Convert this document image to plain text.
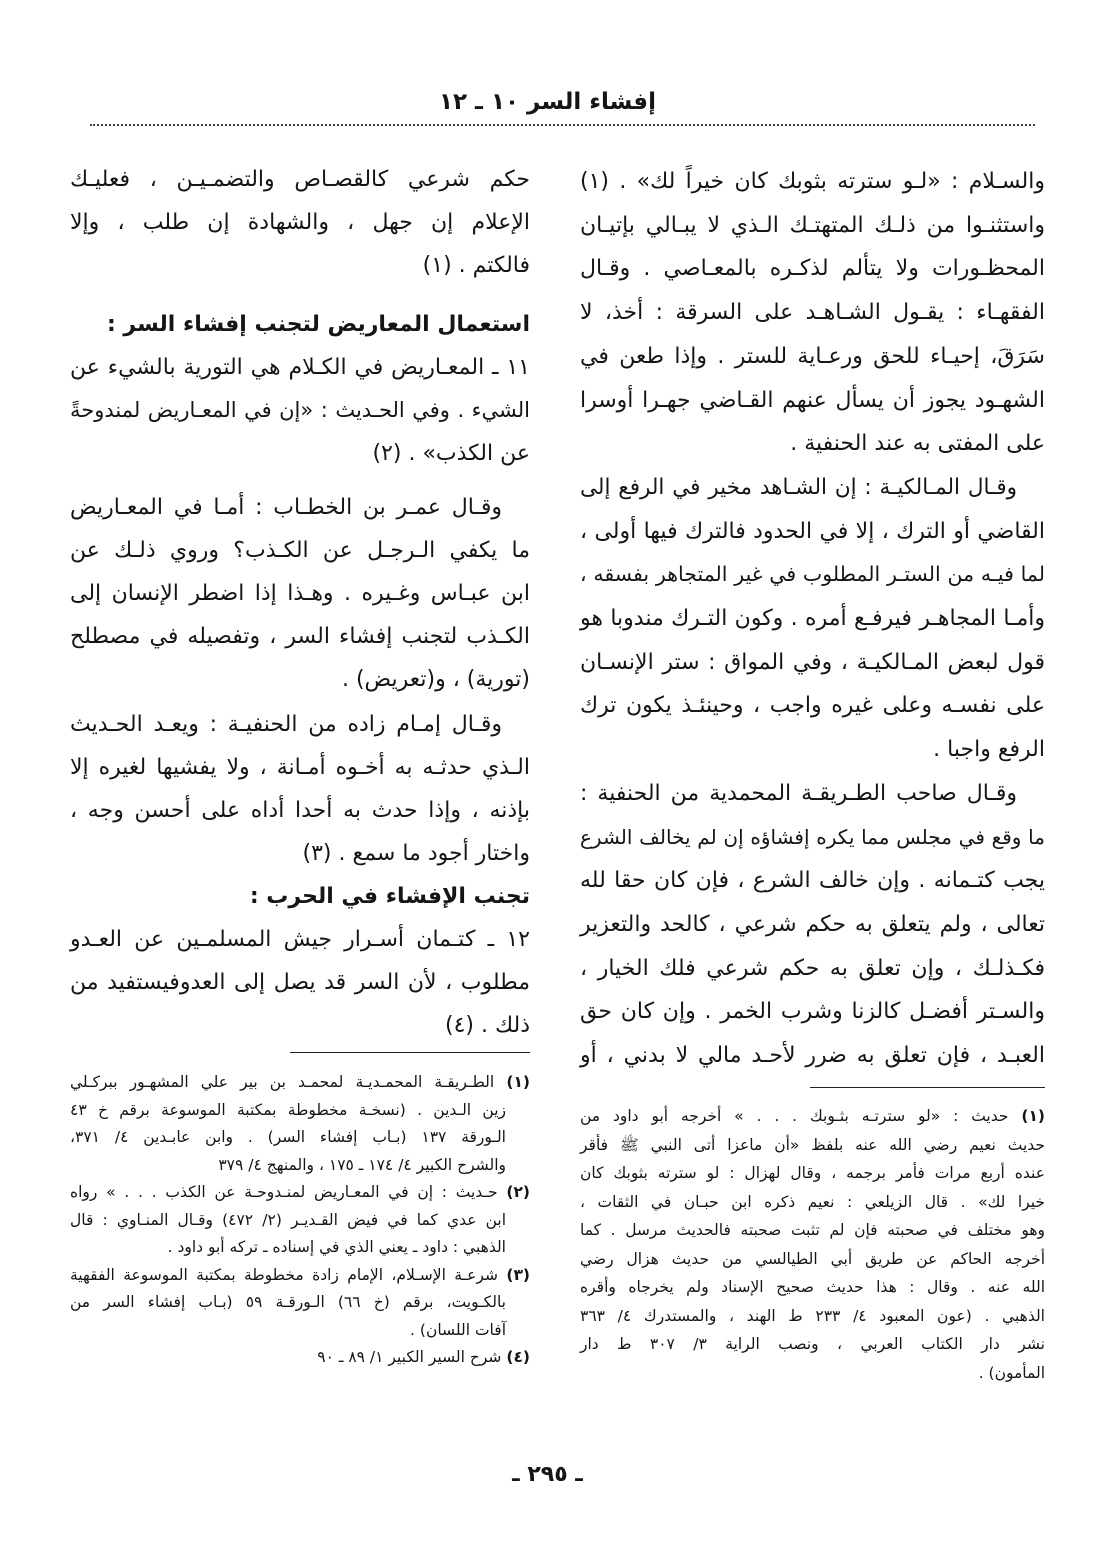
إفشاء السر ١٠ ـ ١٢
والسـلام : «لـو سترته بثوبك كان خيراً لك» . (١)
واستثنـوا من ذلـك المتهتـك الـذي لا يبـالي بإتيـان
المحظـورات ولا يتألم لذكـره بالمعـاصي . وقـال
الفقهـاء : يقـول الشـاهـد على السرقة : أخذ، لا
سَرَقَ، إحيـاء للحق ورعـاية للستر . وإذا طعن في
الشهـود يجوز أن يسأل عنهم القـاضي جهـرا أوسرا
على المفتى به عند الحنفية .
وقـال المـالكيـة : إن الشـاهد مخير في الرفع إلى
القاضي أو الترك ، إلا في الحدود فالترك فيها أولى ،
لما فيـه من الستـر المطلوب في غير المتجاهر بفسقه ،
وأمـا المجاهـر فيرفـع أمره . وكون التـرك مندوبا هو
قول لبعض المـالكيـة ، وفي المواق : ستر الإنسـان
على نفسـه وعلى غيره واجب ، وحينئـذ يكون ترك
الرفع واجبا .
وقـال صاحب الطـريقـة المحمدية من الحنفية :
ما وقع في مجلس مما يكره إفشاؤه إن لم يخالف الشرع
يجب كتـمانه . وإن خالف الشرع ، فإن كان حقا لله
تعالى ، ولم يتعلق به حكم شرعي ، كالحد والتعزير
فكـذلـك ، وإن تعلق به حكم شرعي فلك الخيار ،
والسـتر أفضـل كالزنا وشرب الخمر . وإن كان حق
العبـد ، فإن تعلق به ضرر لأحـد مالي لا بدني ، أو
حكم شرعي كالقصـاص والتضمـيـن ، فعليـك
الإعلام إن جهل ، والشهادة إن طلب ، وإلا
فالكتم . (١)
استعمال المعاريض لتجنب إفشاء السر :
١١ ـ المعـاريض في الكـلام هي التورية بالشيء عن
الشيء . وفي الحـديث : «إن في المعـاريض لمندوحةً
عن الكذب» . (٢)
وقـال عمـر بن الخطـاب : أمـا في المعـاريض
ما يكفي الـرجـل عن الكـذب؟ وروي ذلـك عن
ابن عبـاس وغـيره . وهـذا إذا اضطر الإنسان إلى
الكـذب لتجنب إفشاء السر ، وتفصيله في مصطلح
(تورية) ، و(تعريض) .
وقـال إمـام زاده من الحنفيـة : ويعـد الحـديث
الـذي حدثـه به أخـوه أمـانة ، ولا يفشيها لغيره إلا
بإذنه ، وإذا حدث به أحدا أداه على أحسن وجه ،
واختار أجود ما سمع . (٣)
تجنب الإفشاء في الحرب :
١٢ ـ كتـمان أسـرار جيش المسلمـين عن العـدو
مطلوب ، لأن السر قد يصل إلى العدوفيستفيد من
ذلك . (٤)
(١) الطـريقـة المحمـديـة لمحمـد بن بير علي المشهـور ببركـلي
زين الـدين . (نسخـة مخطوطة بمكتبة الموسوعة برقم خ ٤٣
الـورقة ١٣٧ (بـاب إفشاء السر) . وابن عابـدين ٤/ ٣٧١،
والشرح الكبير ٤/ ١٧٤ ـ ١٧٥ ، والمنهج ٤/ ٣٧٩
(٢) حـديث : إن في المعـاريض لمنـدوحـة عن الكذب . . . » رواه
ابن عدي كما في فيض القـديـر (٢/ ٤٧٢) وقـال المنـاوي : قال
الذهبي : داود ـ يعني الذي في إسناده ـ تركه أبو داود .
(٣) شرعـة الإسـلام، الإمام زادة مخطوطة بمكتبة الموسوعة الفقهية
بالكـويت، برقم (خ ٦٦) الـورقـة ٥٩ (بـاب إفشاء السر من
آفات اللسان) .
(٤) شرح السير الكبير ١/ ٨٩ ـ ٩٠
(١) حديث : «لو سترتـه بثـوبك . . . » أخرجه أبو داود من
حديث نعيم رضي الله عنه بلفظ «أن ماعزا أتى النبي ﷺ فأقر
عنده أربع مرات فأمر برجمه ، وقال لهزال : لو سترته بثوبك كان
خيرا لك» . قال الزيلعي : نعيم ذكره ابن حبـان في الثقات ،
وهو مختلف في صحبته فإن لم تثبت صحبته فالحديث مرسل . كما
أخرجه الحاكم عن طريق أبي الطيالسي من حديث هزال رضي
الله عنه . وقال : هذا حديث صحيح الإسناد ولم يخرجاه وأقره
الذهبي . (عون المعبود ٤/ ٢٣٣ ط الهند ، والمستدرك ٤/ ٣٦٣
نشر دار الكتاب العربي ، ونصب الراية ٣/ ٣٠٧ ط دار
المأمون) .
ـ ٢٩٥ ـ
